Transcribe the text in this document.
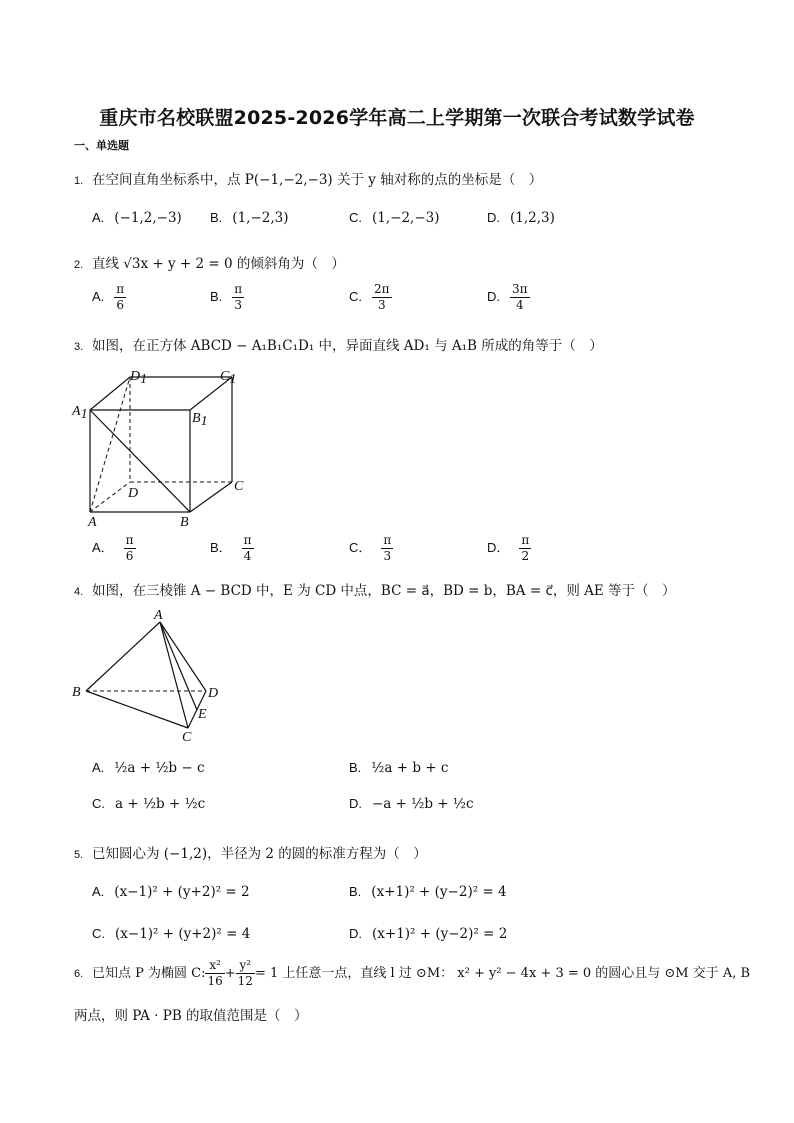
重庆市名校联盟2025-2026学年高二上学期第一次联合考试数学试卷
一、单选题
1. 在空间直角坐标系中，点 P(−1,−2,−3) 关于 y 轴对称的点的坐标是（　）
A. (−1,2,−3) B. (1,−2,3)	C. (1,−2,−3)	D. (1,2,3)
2. 直线 √3x + y + 2 = 0 的倾斜角为（　）
A. $\frac{\pi}{6}$	B. $\frac{\pi}{3}$	C. $\frac{2\pi}{3}$	D. $\frac{3\pi}{4}$
3. 如图，在正方体 ABCD − A₁B₁C₁D₁ 中，异面直线 AD₁ 与 A₁B 所成的角等于（　）
D1	C1
A1	B1
D	C
A	B
A． $\frac{\pi}{6}$	B． $\frac{\pi}{4}$	C． $\frac{\pi}{3}$	D． $\frac{\pi}{2}$
4. 如图，在三棱锥 A − BCD 中，E 为 CD 中点，BC = a⃗，BD = b，BA = c⃗，则 AE 等于（　）
A
B	D
E
C
A. ½a + ½b − c	B. ½a + b + c
C. a + ½b + ½c	D. −a + ½b + ½c
5. 已知圆心为 (−1,2)，半径为 2 的圆的标准方程为（　）
A. (x−1)² + (y+2)² = 2	B. (x+1)² + (y−2)² = 4
C. (x−1)² + (y+2)² = 4	D. (x+1)² + (y−2)² = 2
6. 已知点 P 为椭圆 C: $\frac{\text{x²}}{16} + \frac{\text{y²}}{12} = 1$ 上任意一点，直线 l 过 ⊙M： x² + y² − 4x + 3 = 0 的圆心且与 ⊙M 交于 A, B
两点，则 PA · PB 的取值范围是（　）
